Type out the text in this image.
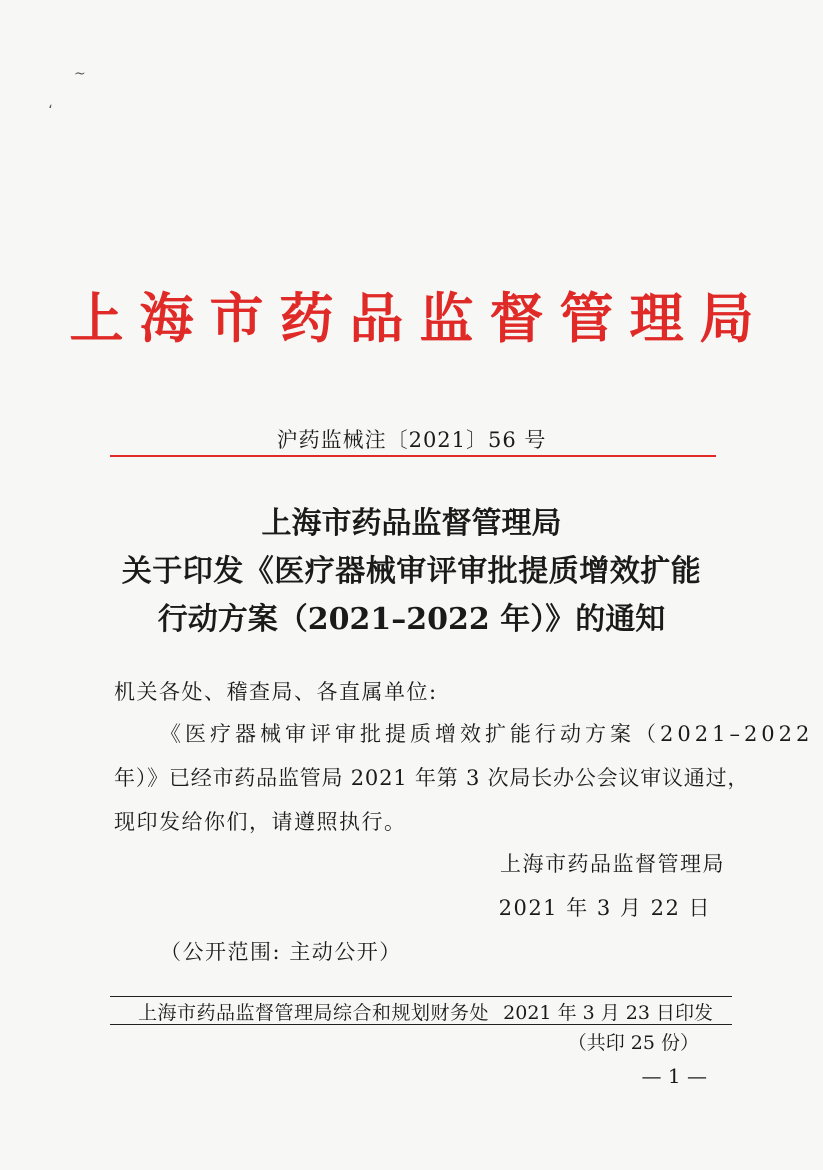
~
،
上海市药品监督管理局
沪药监械注〔2021〕56 号
上海市药品监督管理局
关于印发《医疗器械审评审批提质增效扩能
行动方案（2021–2022 年）》的通知
机关各处、稽查局、各直属单位:
《医疗器械审评审批提质增效扩能行动方案（2021–2022
年）》已经市药品监管局 2021 年第 3 次局长办公会议审议通过，
现印发给你们，请遵照执行。
上海市药品监督管理局
2021 年 3 月 22 日
（公开范围: 主动公开）
上海市药品监督管理局综合和规划财务处 2021 年 3 月 23 日印发
（共印 25 份）
— 1 —
